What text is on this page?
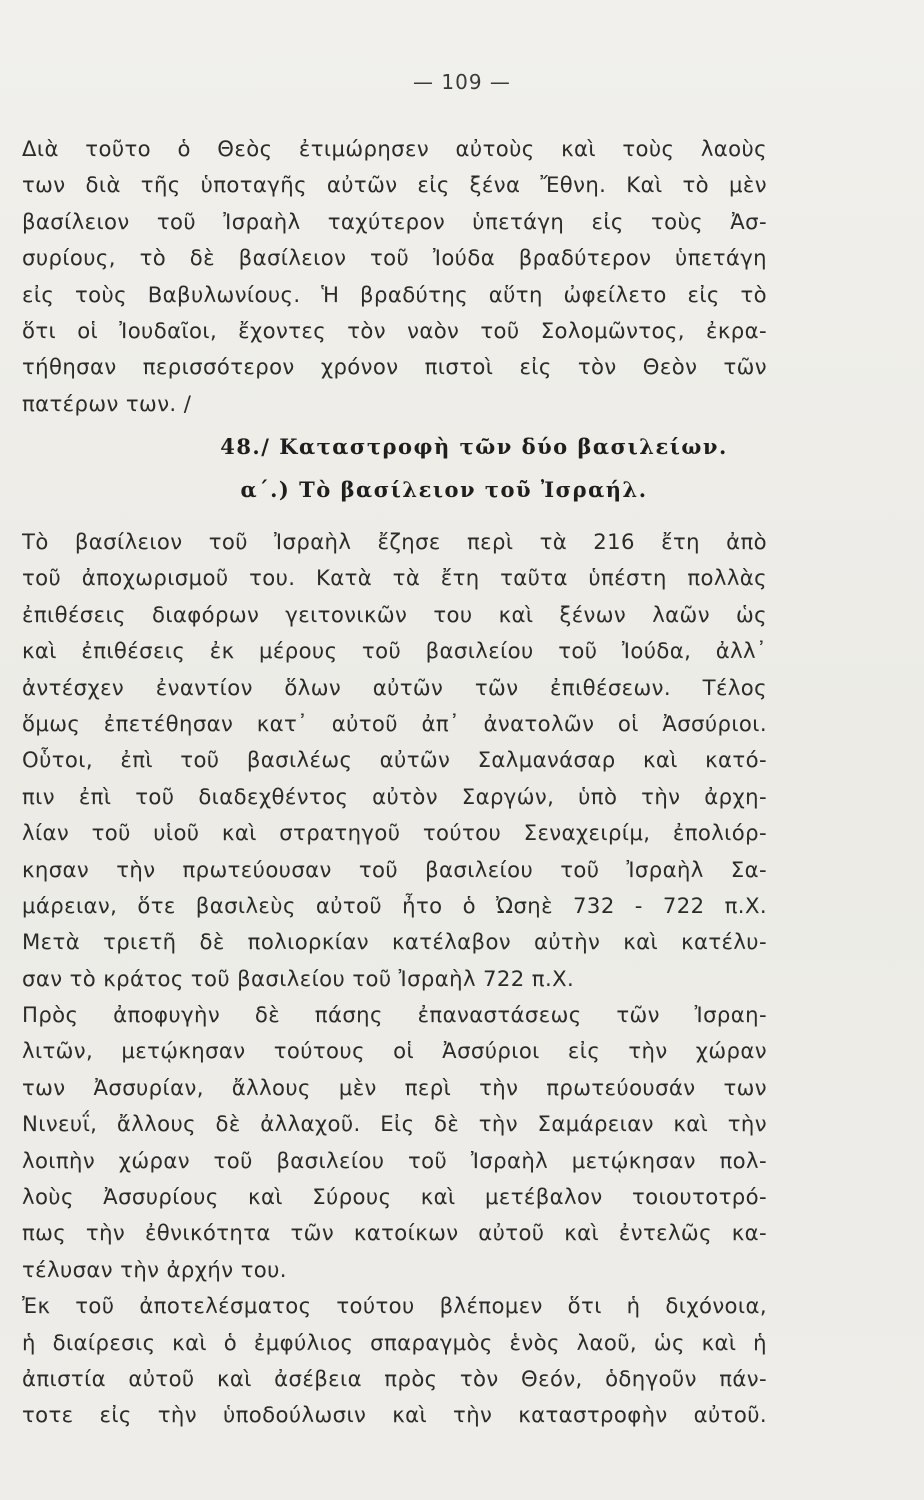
— 109 —
Διὰ τοῦτο ὁ Θεὸς ἐτιμώρησεν αὐτοὺς καὶ τοὺς λαοὺς
των διὰ τῆς ὑποταγῆς αὐτῶν εἰς ξένα Ἔθνη. Καὶ τὸ μὲν
βασίλειον τοῦ Ἰσραὴλ ταχύτερον ὑπετάγη εἰς τοὺς Ἀσ-
συρίους, τὸ δὲ βασίλειον τοῦ Ἰούδα βραδύτερον ὑπετάγη
εἰς τοὺς Βαβυλωνίους. Ἡ βραδύτης αὕτη ὠφείλετο εἰς τὸ
ὅτι οἱ Ἰουδαῖοι, ἔχοντες τὸν ναὸν τοῦ Σολομῶντος, ἐκρα-
τήθησαν περισσότερον χρόνον πιστοὶ εἰς τὸν Θεὸν τῶν
πατέρων των. /
48./ Καταστροφὴ τῶν δύο βασιλείων.
α΄.) Τὸ βασίλειον τοῦ Ἰσραήλ.
Τὸ βασίλειον τοῦ Ἰσραὴλ ἔζησε περὶ τὰ 216 ἔτη ἀπὸ
τοῦ ἀποχωρισμοῦ του. Κατὰ τὰ ἔτη ταῦτα ὑπέστη πολλὰς
ἐπιθέσεις διαφόρων γειτονικῶν του καὶ ξένων λαῶν ὡς
καὶ ἐπιθέσεις ἐκ μέρους τοῦ βασιλείου τοῦ Ἰούδα, ἀλλ᾿
ἀντέσχεν ἐναντίον ὅλων αὐτῶν τῶν ἐπιθέσεων. Τέλος
ὅμως ἐπετέθησαν κατ᾿ αὐτοῦ ἀπ᾿ ἀνατολῶν οἱ Ἀσσύριοι.
Οὗτοι, ἐπὶ τοῦ βασιλέως αὐτῶν Σαλμανάσαρ καὶ κατό-
πιν ἐπὶ τοῦ διαδεχθέντος αὐτὸν Σαργών, ὑπὸ τὴν ἀρχη-
λίαν τοῦ υἱοῦ καὶ στρατηγοῦ τούτου Σεναχειρίμ, ἐπολιόρ-
κησαν τὴν πρωτεύουσαν τοῦ βασιλείου τοῦ Ἰσραὴλ Σα-
μάρειαν, ὅτε βασιλεὺς αὐτοῦ ἦτο ὁ Ὠσηὲ 732 - 722 π.Χ.
Μετὰ τριετῆ δὲ πολιορκίαν κατέλαβον αὐτὴν καὶ κατέλυ-
σαν τὸ κράτος τοῦ βασιλείου τοῦ Ἰσραὴλ 722 π.Χ.
Πρὸς ἀποφυγὴν δὲ πάσης ἐπαναστάσεως τῶν Ἰσραη-
λιτῶν, μετῴκησαν τούτους οἱ Ἀσσύριοι εἰς τὴν χώραν
των Ἀσσυρίαν, ἄλλους μὲν περὶ τὴν πρωτεύουσάν των
Νινευΐ, ἄλλους δὲ ἀλλαχοῦ. Εἰς δὲ τὴν Σαμάρειαν καὶ τὴν
λοιπὴν χώραν τοῦ βασιλείου τοῦ Ἰσραὴλ μετῴκησαν πολ-
λοὺς Ἀσσυρίους καὶ Σύρους καὶ μετέβαλον τοιουτοτρό-
πως τὴν ἐθνικότητα τῶν κατοίκων αὐτοῦ καὶ ἐντελῶς κα-
τέλυσαν τὴν ἀρχήν του.
Ἐκ τοῦ ἀποτελέσματος τούτου βλέπομεν ὅτι ἡ διχόνοια,
ἡ διαίρεσις καὶ ὁ ἐμφύλιος σπαραγμὸς ἑνὸς λαοῦ, ὡς καὶ ἡ
ἀπιστία αὐτοῦ καὶ ἀσέβεια πρὸς τὸν Θεόν, ὁδηγοῦν πάν-
τοτε εἰς τὴν ὑποδούλωσιν καὶ τὴν καταστροφὴν αὐτοῦ.
